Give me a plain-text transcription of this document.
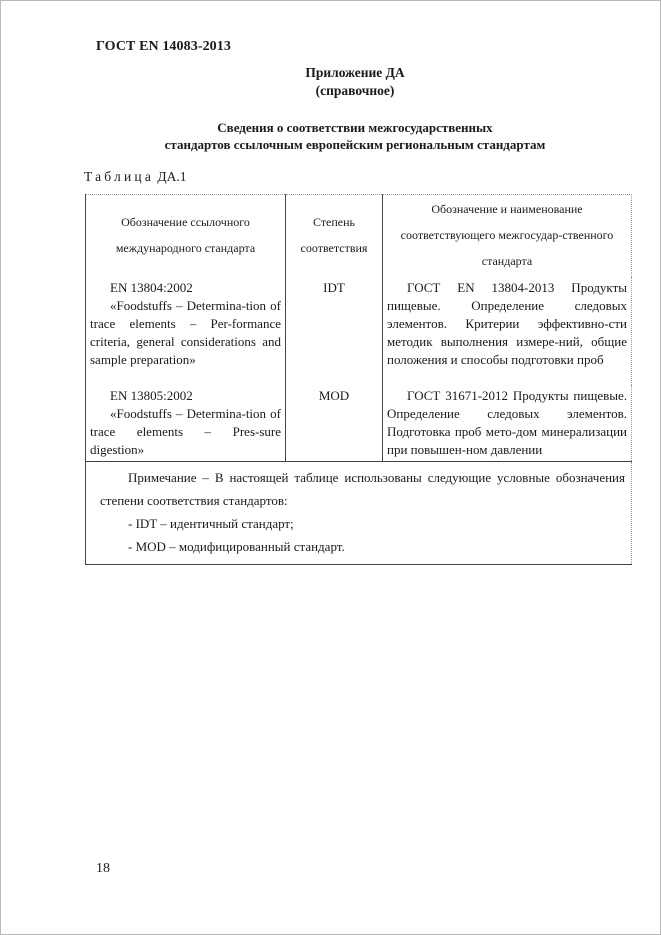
ГОСТ EN 14083-2013
Приложение ДА
(справочное)
Сведения о соответствии межгосударственных
стандартов ссылочным европейским региональным стандартам
Таблица ДА.1
Обозначение ссылочного международного стандарта	Степень соответствия	Обозначение и наименование соответствующего межгосудар-ственного стандарта

EN 13804:2002
«Foodstuffs – Determina-tion of trace elements – Per-formance criteria, general considerations and sample preparation»	IDT	ГОСТ EN 13804-2013 Продукты пищевые. Определение следовых элементов. Критерии эффективно-сти методик выполнения измере-ний, общие положения и способы подготовки проб

EN 13805:2002
«Foodstuffs – Determina-tion of trace elements – Pres-sure digestion»	MOD	ГОСТ 31671-2012 Продукты пищевые. Определение следовых элементов. Подготовка проб мето-дом минерализации при повышен-ном давлении

Примечание – В настоящей таблице использованы следующие условные обозначения степени соответствия стандартов:
- IDT – идентичный стандарт;
- MOD – модифицированный стандарт.		
18
